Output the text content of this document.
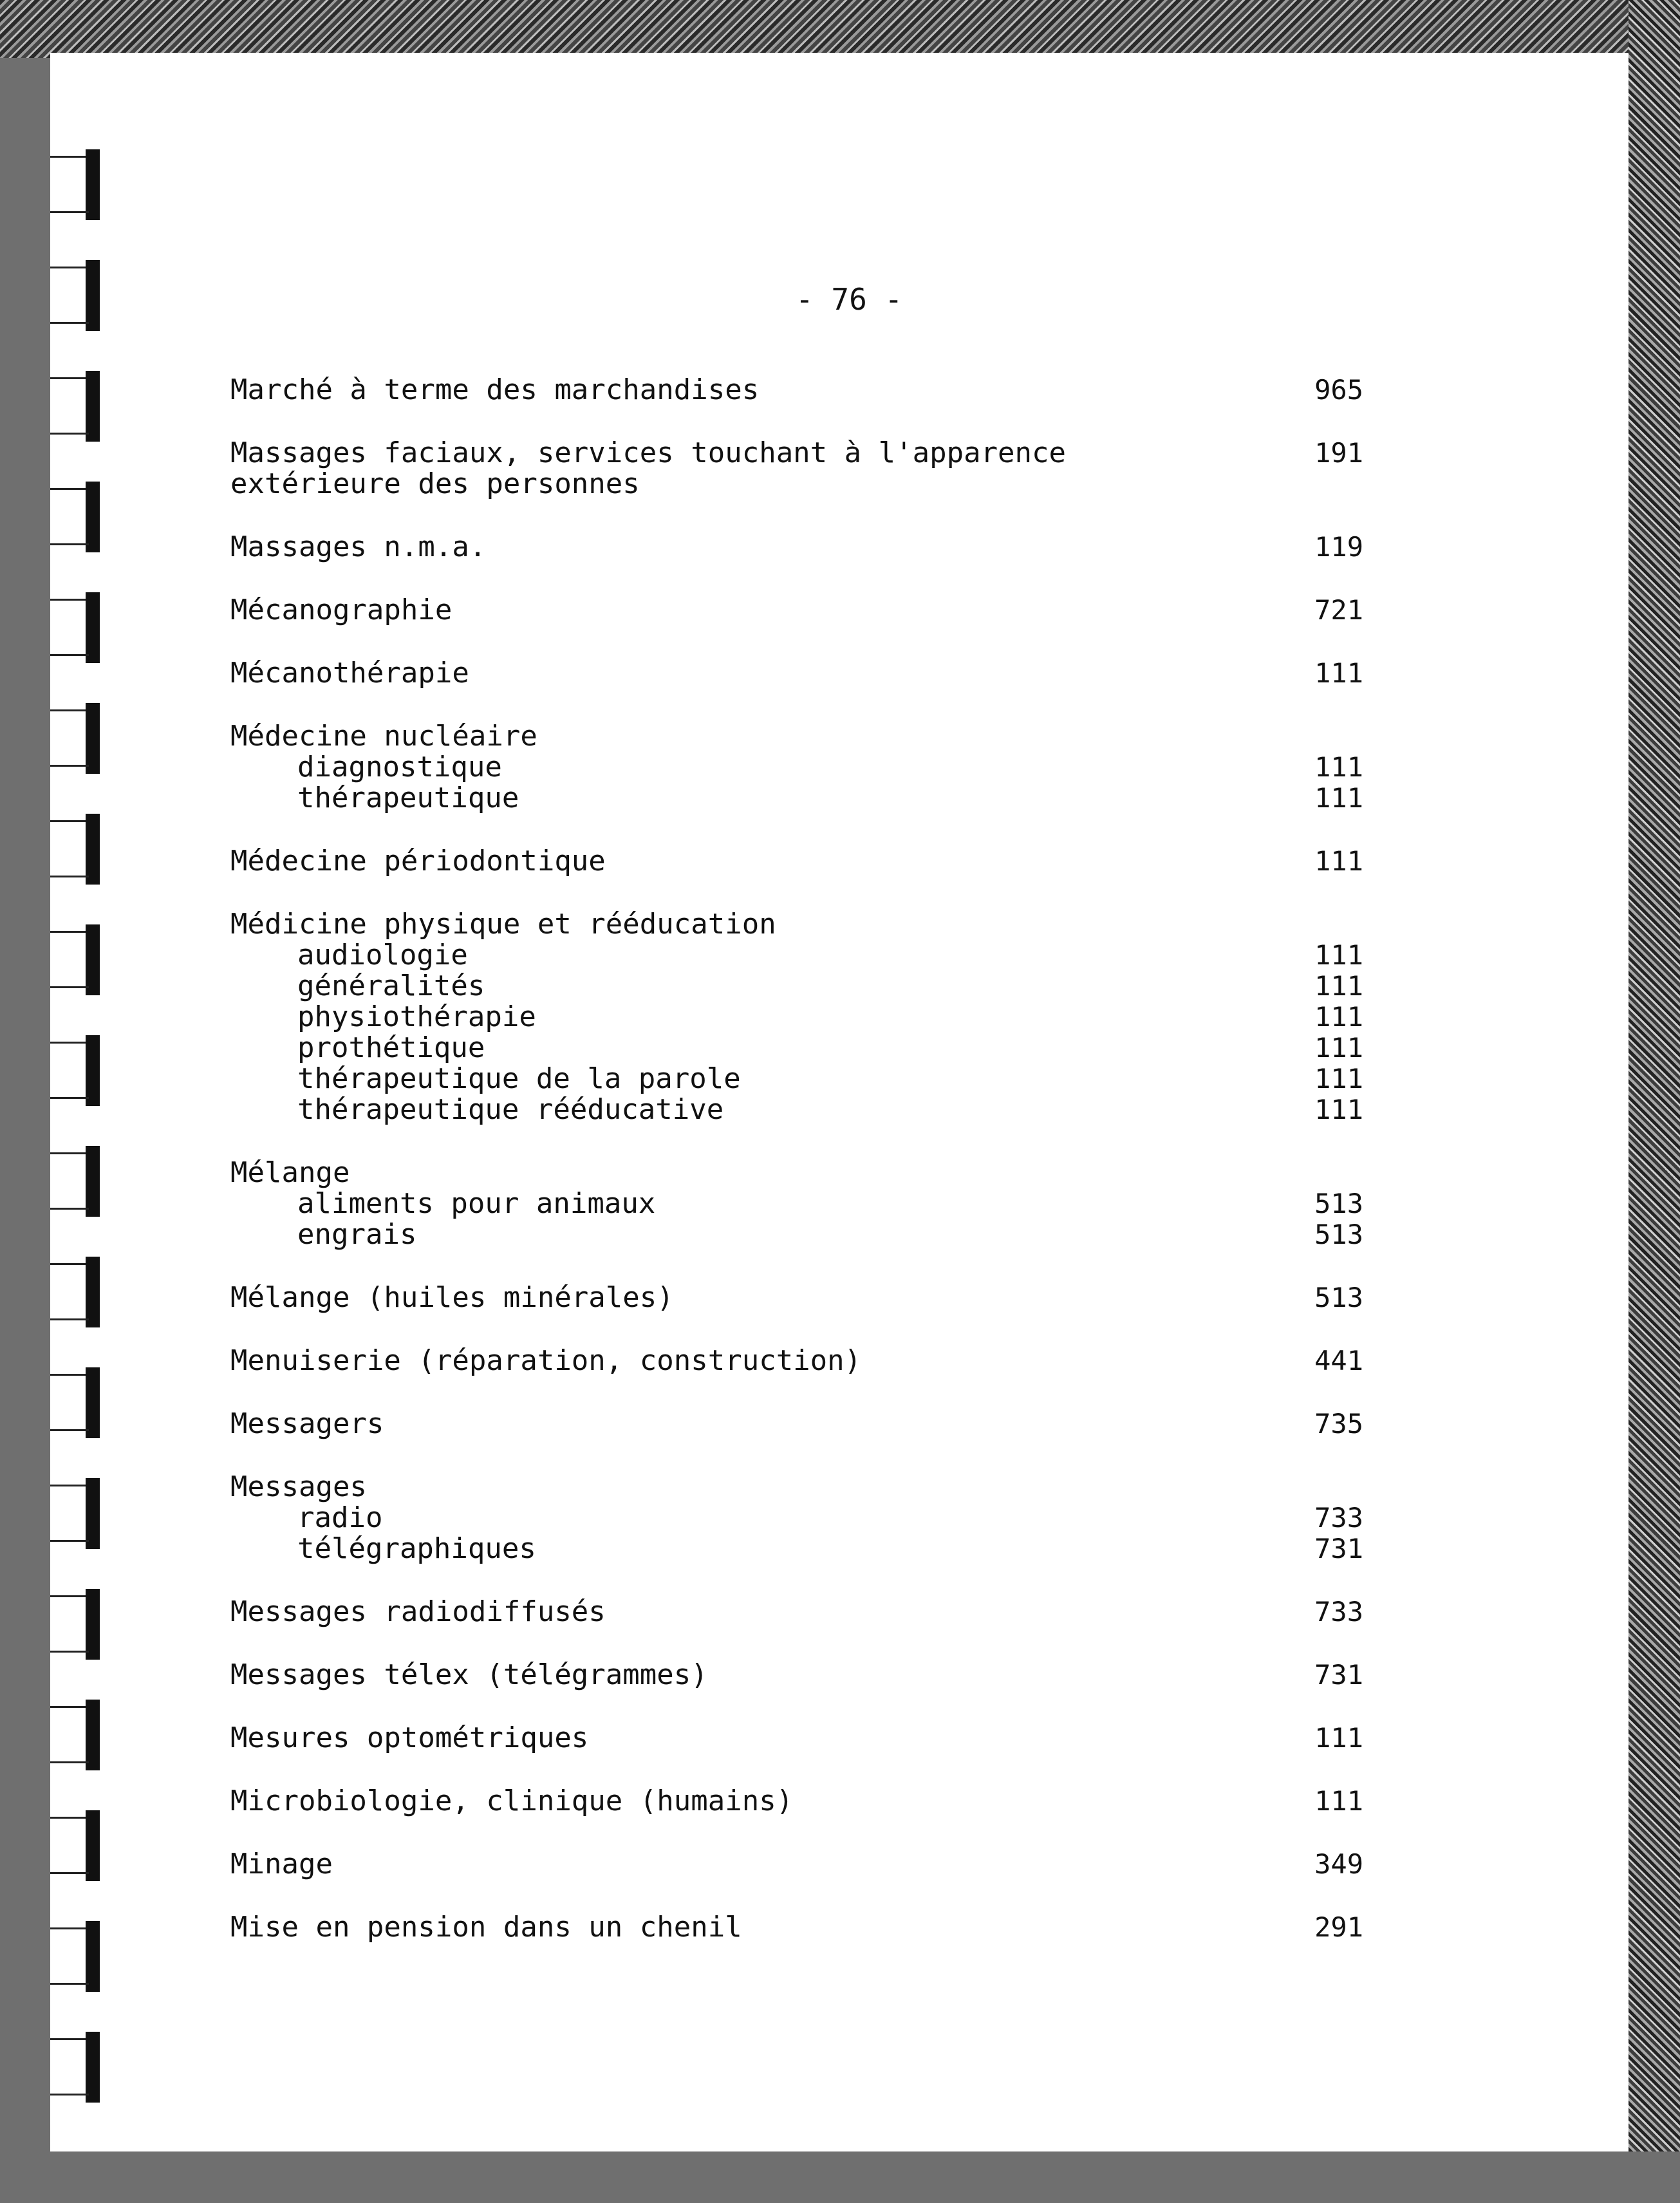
- 76 -
Marché à terme des marchandises	965
Massages faciaux, services touchant à l'apparence	191
extérieure des personnes
Massages n.m.a.	119
Mécanographie	721
Mécanothérapie	111
Médecine nucléaire
diagnostique	111
thérapeutique	111
Médecine périodontique	111
Médicine physique et rééducation
audiologie	111
généralités	111
physiothérapie	111
prothétique	111
thérapeutique de la parole	111
thérapeutique rééducative	111
Mélange
aliments pour animaux	513
engrais	513
Mélange (huiles minérales)	513
Menuiserie (réparation, construction)	441
Messagers	735
Messages
radio	733
télégraphiques	731
Messages radiodiffusés	733
Messages télex (télégrammes)	731
Mesures optométriques	111
Microbiologie, clinique (humains)	111
Minage	349
Mise en pension dans un chenil	291
